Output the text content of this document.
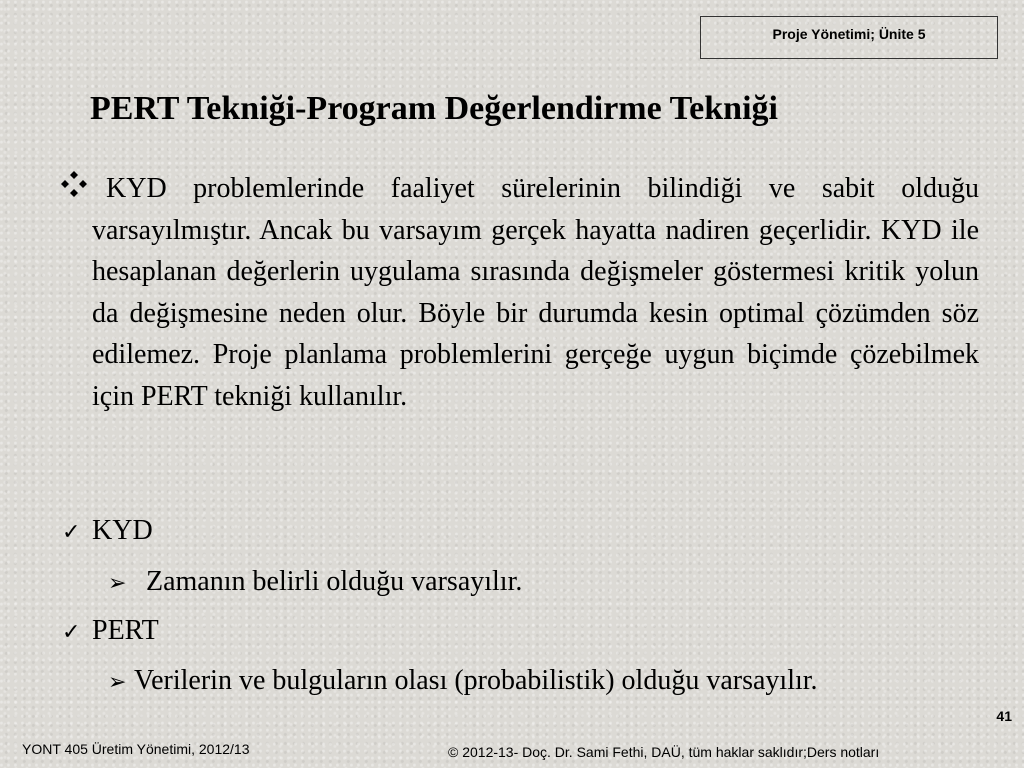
Proje Yönetimi; Ünite 5
PERT Tekniği-Program Değerlendirme Tekniği

KYD problemlerinde faaliyet sürelerinin bilindiği ve sabit olduğu varsayılmıştır. Ancak bu varsayım gerçek hayatta nadiren geçerlidir. KYD ile hesaplanan değerlerin uygulama sırasında değişmeler göstermesi kritik yolun da değişmesine neden olur. Böyle bir durumda kesin optimal çözümden söz edilemez. Proje planlama problemlerini gerçeğe uygun biçimde çözebilmek için PERT tekniği kullanılır.

✓ KYD
➢ Zamanın belirli olduğu varsayılır.
✓ PERT
➢ Verilerin ve bulguların olası (probabilistik) olduğu varsayılır.
41
YONT 405 Üretim Yönetimi, 2012/13	© 2012-13- Doç. Dr. Sami Fethi, DAÜ, tüm haklar saklıdır;Ders notları
